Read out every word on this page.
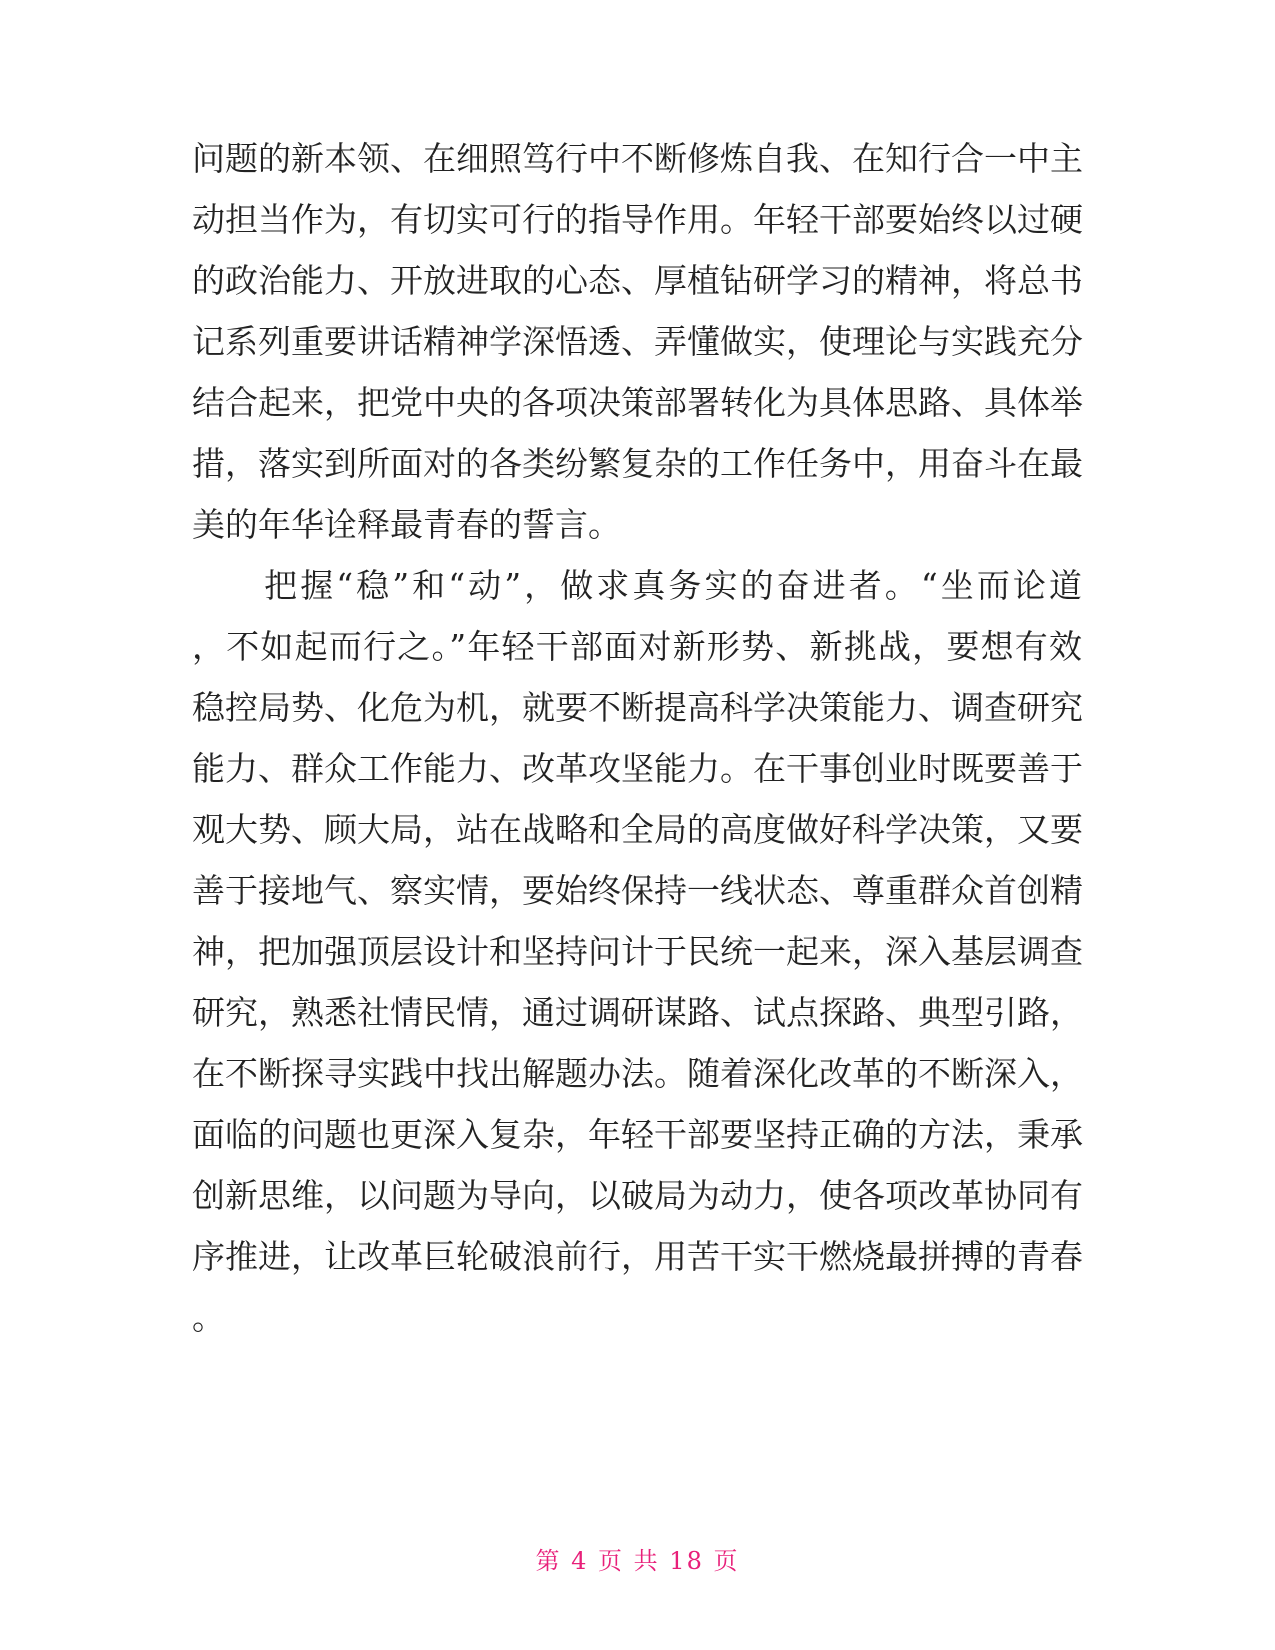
问题的新本领、在细照笃行中不断修炼自我、在知行合一中主
动担当作为，有切实可行的指导作用。年轻干部要始终以过硬
的政治能力、开放进取的心态、厚植钻研学习的精神，将总书
记系列重要讲话精神学深悟透、弄懂做实，使理论与实践充分
结合起来，把党中央的各项决策部署转化为具体思路、具体举
措，落实到所面对的各类纷繁复杂的工作任务中，用奋斗在最
美的年华诠释最青春的誓言。
　　把握“稳”和“动”，做求真务实的奋进者。“坐而论道
，不如起而行之。”年轻干部面对新形势、新挑战，要想有效
稳控局势、化危为机，就要不断提高科学决策能力、调查研究
能力、群众工作能力、改革攻坚能力。在干事创业时既要善于
观大势、顾大局，站在战略和全局的高度做好科学决策，又要
善于接地气、察实情，要始终保持一线状态、尊重群众首创精
神，把加强顶层设计和坚持问计于民统一起来，深入基层调查
研究，熟悉社情民情，通过调研谋路、试点探路、典型引路，
在不断探寻实践中找出解题办法。随着深化改革的不断深入，
面临的问题也更深入复杂，年轻干部要坚持正确的方法，秉承
创新思维，以问题为导向，以破局为动力，使各项改革协同有
序推进，让改革巨轮破浪前行，用苦干实干燃烧最拼搏的青春
。
第 4 页 共 18 页
